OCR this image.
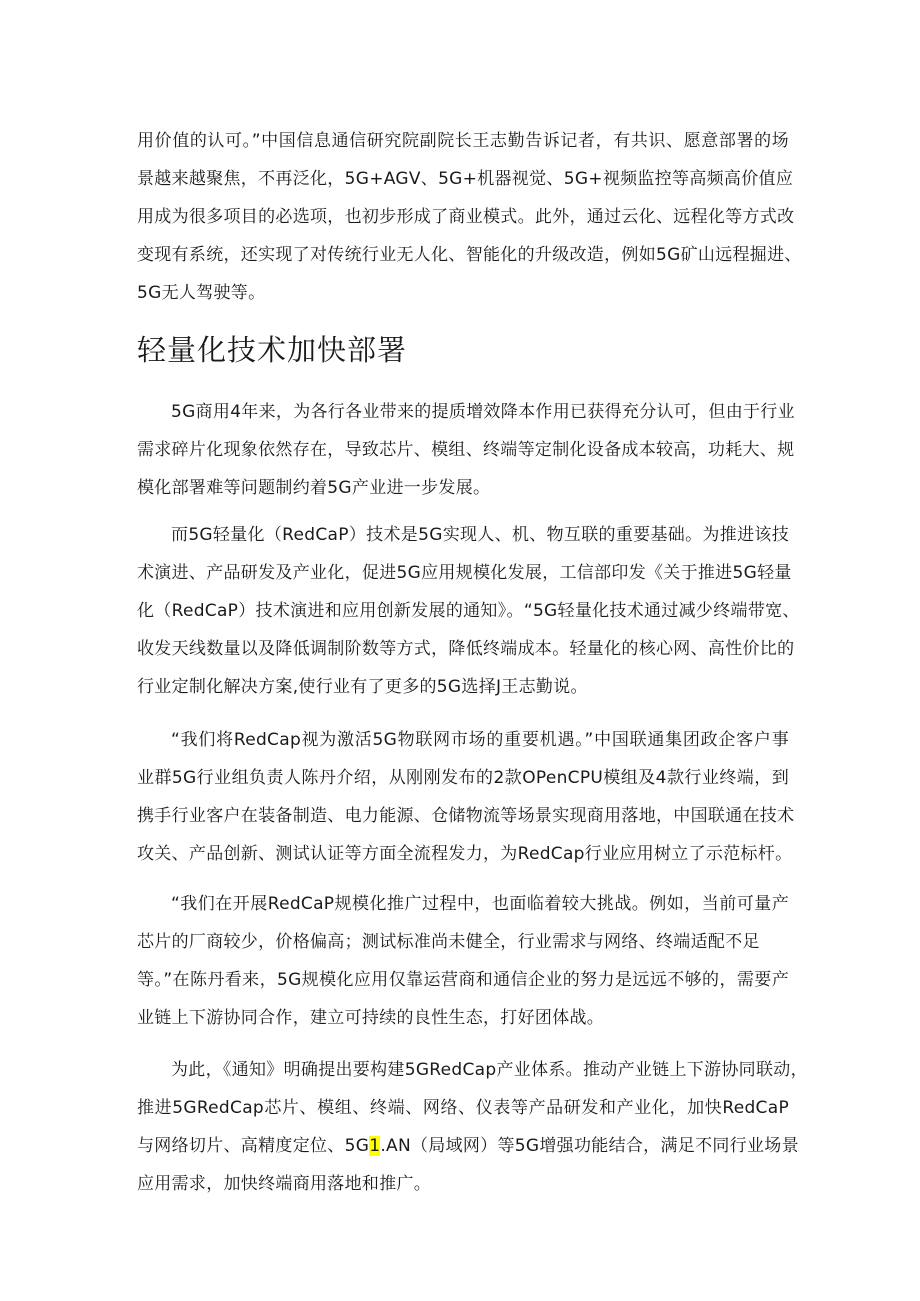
用价值的认可。”中国信息通信研究院副院长王志勤告诉记者，有共识、愿意部署的场
景越来越聚焦，不再泛化，5G+AGV、5G+机器视觉、5G+视频监控等高频高价值应
用成为很多项目的必选项，也初步形成了商业模式。此外，通过云化、远程化等方式改
变现有系统，还实现了对传统行业无人化、智能化的升级改造，例如5G矿山远程掘进、
5G无人驾驶等。
轻量化技术加快部署
5G商用4年来，为各行各业带来的提质增效降本作用已获得充分认可，但由于行业
需求碎片化现象依然存在，导致芯片、模组、终端等定制化设备成本较高，功耗大、规
模化部署难等问题制约着5G产业进一步发展。
而5G轻量化（RedCaP）技术是5G实现人、机、物互联的重要基础。为推进该技
术演进、产品研发及产业化，促进5G应用规模化发展，工信部印发《关于推进5G轻量
化（RedCaP）技术演进和应用创新发展的通知》。“5G轻量化技术通过减少终端带宽、
收发天线数量以及降低调制阶数等方式，降低终端成本。轻量化的核心网、高性价比的
行业定制化解决方案,使行业有了更多的5G选择J王志勤说。
“我们将RedCap视为激活5G物联网市场的重要机遇。”中国联通集团政企客户事
业群5G行业组负责人陈丹介绍，从刚刚发布的2款OPenCPU模组及4款行业终端，到
携手行业客户在装备制造、电力能源、仓储物流等场景实现商用落地，中国联通在技术
攻关、产品创新、测试认证等方面全流程发力，为RedCap行业应用树立了示范标杆。
“我们在开展RedCaP规模化推广过程中，也面临着较大挑战。例如，当前可量产
芯片的厂商较少，价格偏高；测试标准尚未健全，行业需求与网络、终端适配不足
等。”在陈丹看来，5G规模化应用仅靠运营商和通信企业的努力是远远不够的，需要产
业链上下游协同合作，建立可持续的良性生态，打好团体战。
为此，《通知》明确提出要构建5GRedCap产业体系。推动产业链上下游协同联动，
推进5GRedCap芯片、模组、终端、网络、仪表等产品研发和产业化，加快RedCaP
与网络切片、高精度定位、5G1.AN（局域网）等5G增强功能结合，满足不同行业场景
应用需求，加快终端商用落地和推广。
